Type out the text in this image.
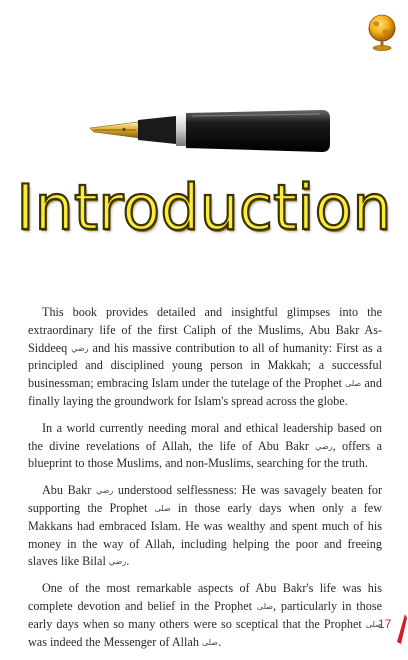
Introduction

This book provides detailed and insightful glimpses into the extraordinary life of the first Caliph of the Muslims, Abu Bakr As-Siddeeq رضي and his massive contribution to all of humanity: First as a principled and disciplined young person in Makkah; a successful businessman; embracing Islam under the tutelage of the Prophet صلى and finally laying the groundwork for Islam's spread across the globe.

In a world currently needing moral and ethical leadership based on the divine revelations of Allah, the life of Abu Bakr رضي, offers a blueprint to those Muslims, and non-Muslims, searching for the truth.

Abu Bakr رضي understood selflessness: He was savagely beaten for supporting the Prophet صلى in those early days when only a few Makkans had embraced Islam. He was wealthy and spent much of his money in the way of Allah, including helping the poor and freeing slaves like Bilal رضي.

One of the most remarkable aspects of Abu Bakr's life was his complete devotion and belief in the Prophet صلى, particularly in those early days when so many others were so sceptical that the Prophet صلى was indeed the Messenger of Allah صلى.

17
